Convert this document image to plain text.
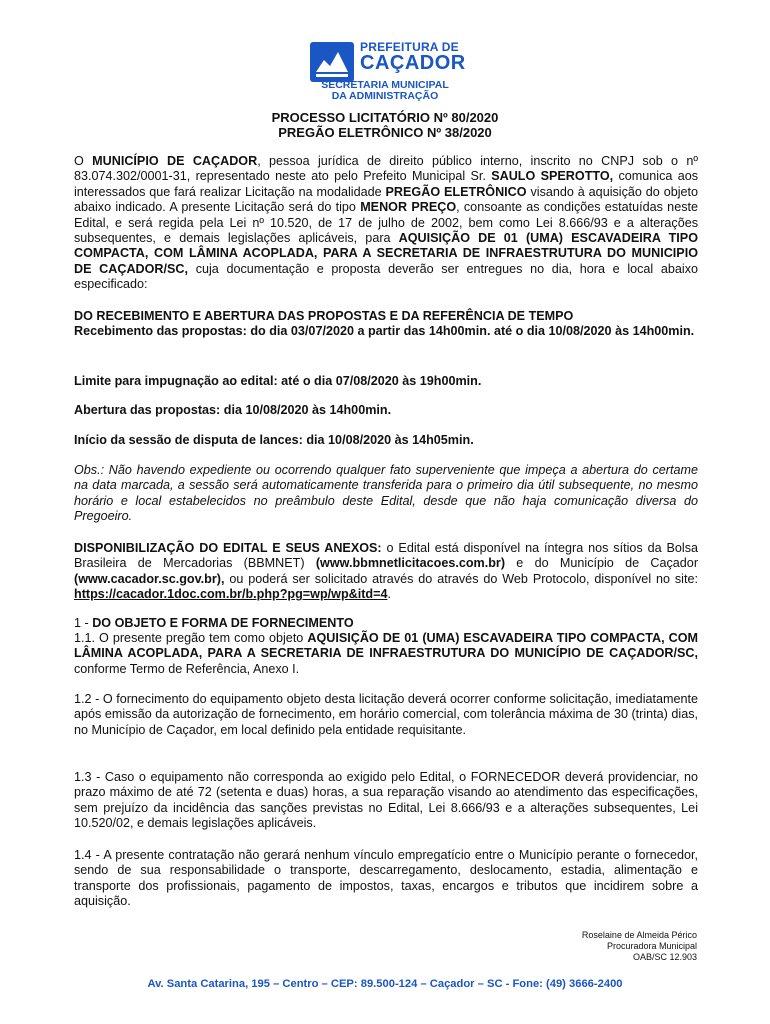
PREFEITURA DE
CAÇADOR
SECRETARIA MUNICIPAL
DA ADMINISTRAÇÃO
PROCESSO LICITATÓRIO Nº 80/2020
PREGÃO ELETRÔNICO Nº 38/2020

O MUNICÍPIO DE CAÇADOR, pessoa jurídica de direito público interno, inscrito no CNPJ sob o nº 83.074.302/0001-31, representado neste ato pelo Prefeito Municipal Sr. SAULO SPEROTTO, comunica aos interessados que fará realizar Licitação na modalidade PREGÃO ELETRÔNICO visando à aquisição do objeto abaixo indicado. A presente Licitação será do tipo MENOR PREÇO, consoante as condições estatuídas neste Edital, e será regida pela Lei nº 10.520, de 17 de julho de 2002, bem como Lei 8.666/93 e a alterações subsequentes, e demais legislações aplicáveis, para AQUISIÇÃO DE 01 (UMA) ESCAVADEIRA TIPO COMPACTA, COM LÂMINA ACOPLADA, PARA A SECRETARIA DE INFRAESTRUTURA DO MUNICIPIO DE CAÇADOR/SC, cuja documentação e proposta deverão ser entregues no dia, hora e local abaixo especificado:

DO RECEBIMENTO E ABERTURA DAS PROPOSTAS E DA REFERÊNCIA DE TEMPO
Recebimento das propostas: do dia 03/07/2020 a partir das 14h00min. até o dia 10/08/2020 às 14h00min.
Limite para impugnação ao edital: até o dia 07/08/2020 às 19h00min.
Abertura das propostas: dia 10/08/2020 às 14h00min.
Início da sessão de disputa de lances: dia 10/08/2020 às 14h05min.

Obs.: Não havendo expediente ou ocorrendo qualquer fato superveniente que impeça a abertura do certame na data marcada, a sessão será automaticamente transferida para o primeiro dia útil subsequente, no mesmo horário e local estabelecidos no preâmbulo deste Edital, desde que não haja comunicação diversa do Pregoeiro.

DISPONIBILIZAÇÃO DO EDITAL E SEUS ANEXOS: o Edital está disponível na íntegra nos sítios da Bolsa Brasileira de Mercadorias (BBMNET) (www.bbmnetlicitacoes.com.br) e do Município de Caçador (www.cacador.sc.gov.br), ou poderá ser solicitado através do através do Web Protocolo, disponível no site: https://cacador.1doc.com.br/b.php?pg=wp/wp&itd=4.

1 - DO OBJETO E FORMA DE FORNECIMENTO

1.1. O presente pregão tem como objeto AQUISIÇÃO DE 01 (UMA) ESCAVADEIRA TIPO COMPACTA, COM LÂMINA ACOPLADA, PARA A SECRETARIA DE INFRAESTRUTURA DO MUNICÍPIO DE CAÇADOR/SC, conforme Termo de Referência, Anexo I.

1.2 - O fornecimento do equipamento objeto desta licitação deverá ocorrer conforme solicitação, imediatamente após emissão da autorização de fornecimento, em horário comercial, com tolerância máxima de 30 (trinta) dias, no Município de Caçador, em local definido pela entidade requisitante.

1.3 - Caso o equipamento não corresponda ao exigido pelo Edital, o FORNECEDOR deverá providenciar, no prazo máximo de até 72 (setenta e duas) horas, a sua reparação visando ao atendimento das especificações, sem prejuízo da incidência das sanções previstas no Edital, Lei 8.666/93 e a alterações subsequentes, Lei 10.520/02, e demais legislações aplicáveis.

1.4 - A presente contratação não gerará nenhum vínculo empregatício entre o Município perante o fornecedor, sendo de sua responsabilidade o transporte, descarregamento, deslocamento, estadia, alimentação e transporte dos profissionais, pagamento de impostos, taxas, encargos e tributos que incidirem sobre a aquisição.

Roselaine de Almeida Périco
Procuradora Municipal
OAB/SC 12.903
Av. Santa Catarina, 195 – Centro – CEP: 89.500-124 – Caçador – SC - Fone: (49) 3666-2400
